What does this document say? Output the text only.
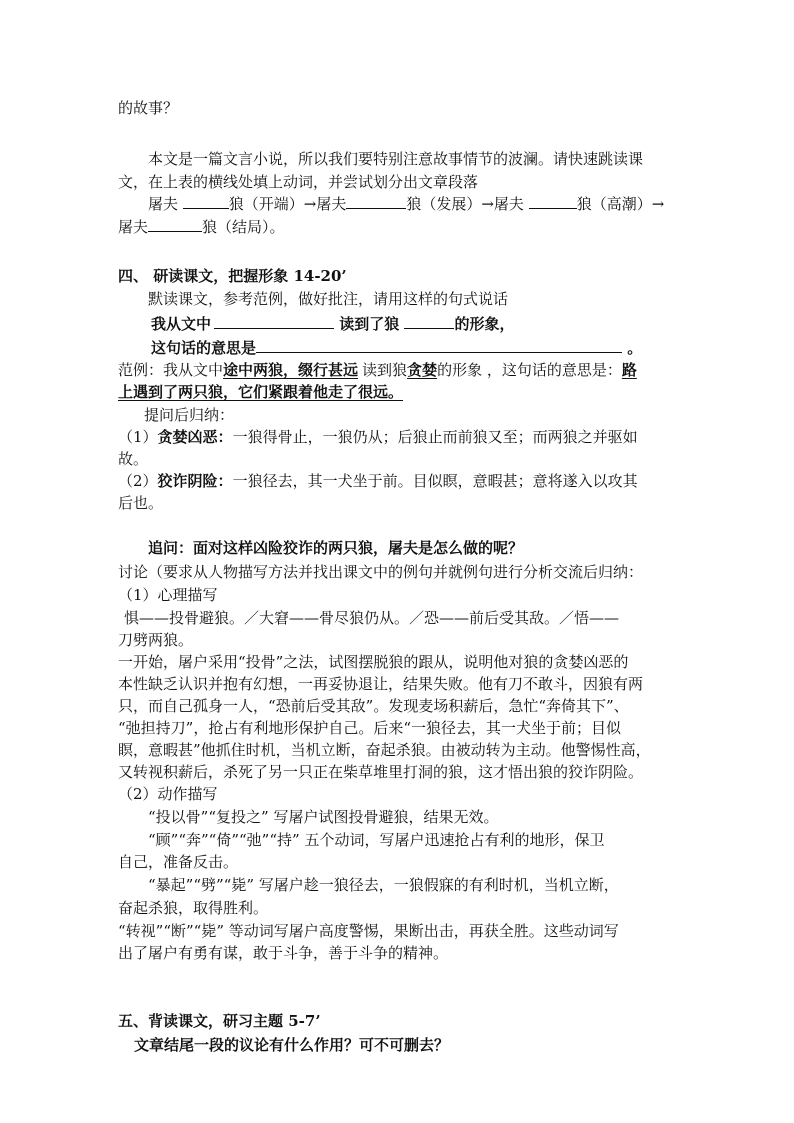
的故事？
本文是一篇文言小说，所以我们要特别注意故事情节的波澜。请快速跳读课
文，在上表的横线处填上动词，并尝试划分出文章段落
屠夫	狼（开端）→屠夫	狼（发展）→屠夫	狼（高潮）→
屠夫	狼（结局）。
四、 研读课文，把握形象 14-20’
默读课文，参考范例，做好批注，请用这样的句式说话
我从文中	读到了狼	的形象，
这句话的意思是	。
范例：我从文中途中两狼，缀行甚远 读到狼贪婪的形象 ，这句话的意思是：路
上遇到了两只狼，它们紧跟着他走了很远。
提问后归纳：
（1）贪婪凶恶：一狼得骨止，一狼仍从；后狼止而前狼又至；而两狼之并驱如
故。
（2）狡诈阴险：一狼径去，其一犬坐于前。目似瞑，意暇甚；意将遂入以攻其
后也。
追问：面对这样凶险狡诈的两只狼，屠夫是怎么做的呢？
讨论（要求从人物描写方法并找出课文中的例句并就例句进行分析交流后归纳：
（1）心理描写
惧——投骨避狼。／大窘——骨尽狼仍从。／恐——前后受其敌。／悟——
刀劈两狼。
一开始，屠户采用“投骨”之法，试图摆脱狼的跟从，说明他对狼的贪婪凶恶的
本性缺乏认识并抱有幻想，一再妥协退让，结果失败。他有刀不敢斗，因狼有两
只，而自己孤身一人，“恐前后受其敌”。发现麦场积薪后，急忙“奔倚其下”、
“弛担持刀”，抢占有利地形保护自己。后来“一狼径去，其一犬坐于前；目似
瞑，意暇甚”他抓住时机，当机立断，奋起杀狼。由被动转为主动。他警惕性高，
又转视积薪后，杀死了另一只正在柴草堆里打洞的狼，这才悟出狼的狡诈阴险。
（2）动作描写
“投以骨”“复投之” 写屠户试图投骨避狼，结果无效。
“顾”“奔”“倚”“弛”“持” 五个动词，写屠户迅速抢占有利的地形，保卫
自己，准备反击。
“暴起”“劈”“毙” 写屠户趁一狼径去，一狼假寐的有利时机，当机立断，
奋起杀狼，取得胜利。
“转视”“断”“毙” 等动词写屠户高度警惕，果断出击，再获全胜。这些动词写
出了屠户有勇有谋，敢于斗争，善于斗争的精神。
五、背读课文，研习主题 5-7’
文章结尾一段的议论有什么作用？可不可删去？
